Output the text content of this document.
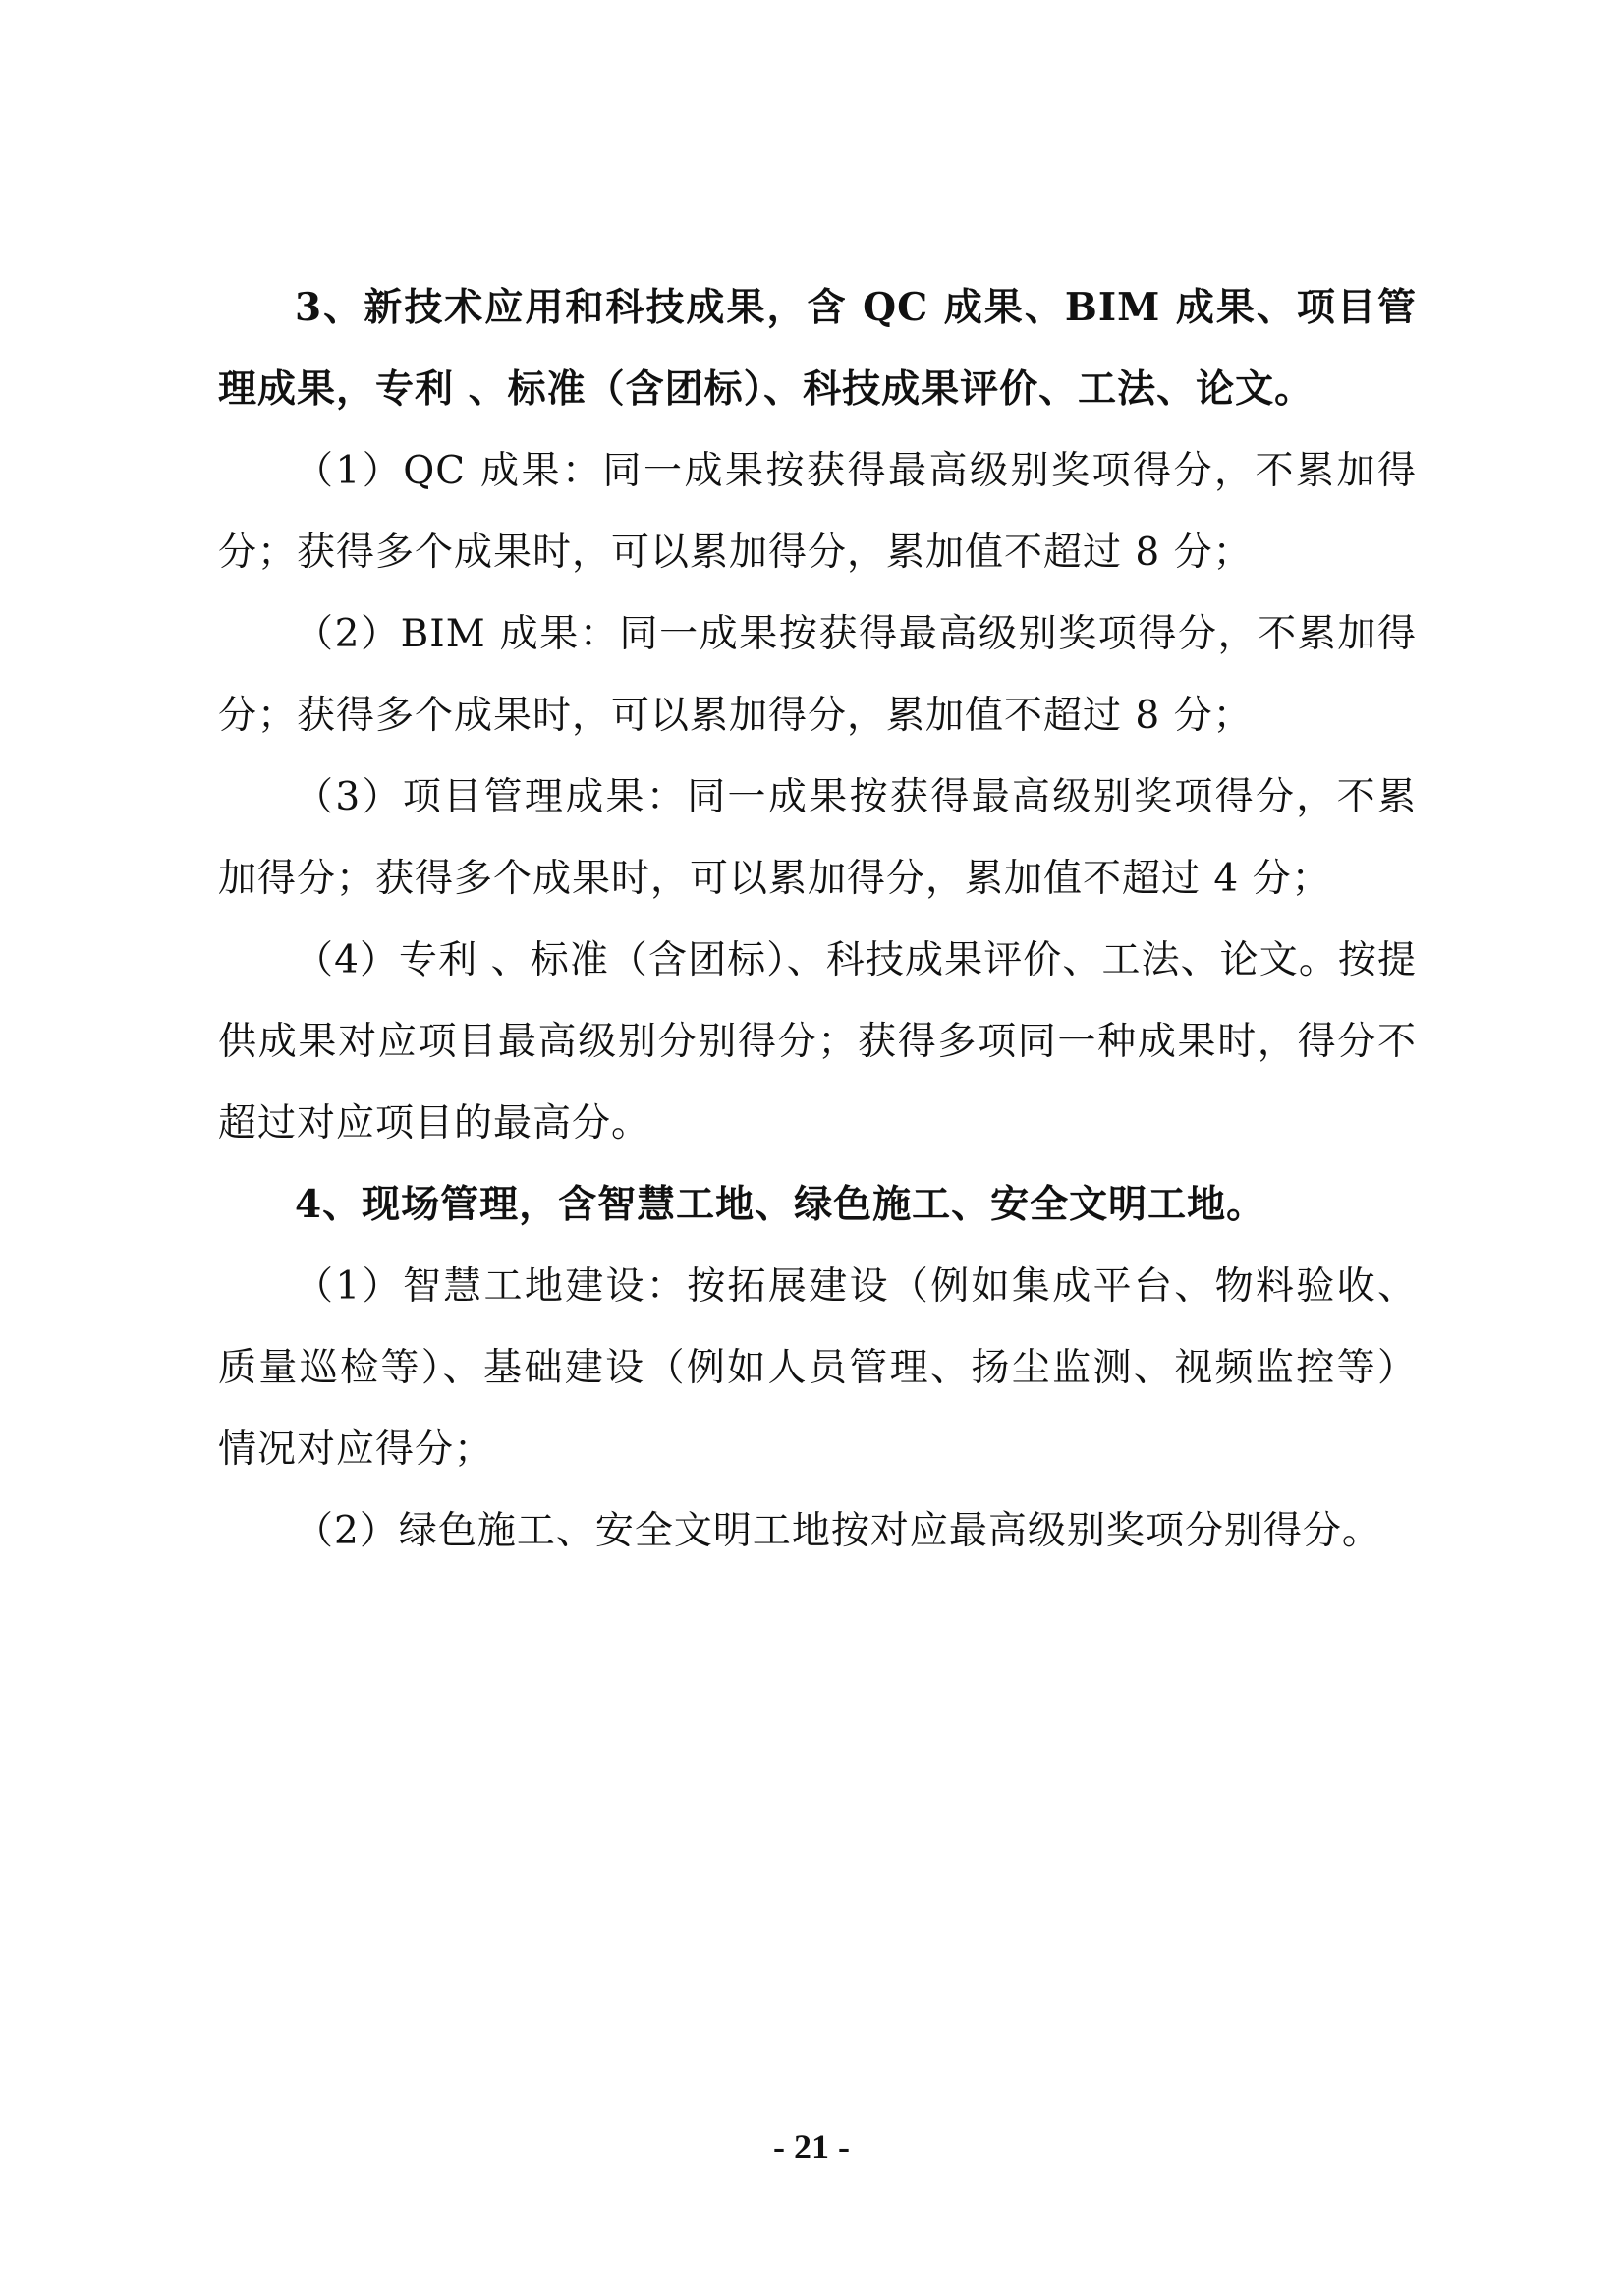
3、新技术应用和科技成果，含 QC 成果、BIM 成果、项目管理成果，专利 、标准（含团标）、科技成果评价、工法、论文。

（1）QC 成果：同一成果按获得最高级别奖项得分，不累加得分；获得多个成果时，可以累加得分，累加值不超过 8 分；

（2）BIM 成果：同一成果按获得最高级别奖项得分，不累加得分；获得多个成果时，可以累加得分，累加值不超过 8 分；

（3）项目管理成果：同一成果按获得最高级别奖项得分，不累加得分；获得多个成果时，可以累加得分，累加值不超过 4 分；

（4）专利 、标准（含团标）、科技成果评价、工法、论文。按提供成果对应项目最高级别分别得分；获得多项同一种成果时，得分不超过对应项目的最高分。

4、现场管理，含智慧工地、绿色施工、安全文明工地。

（1）智慧工地建设：按拓展建设（例如集成平台、物料验收、质量巡检等）、基础建设（例如人员管理、扬尘监测、视频监控等）情况对应得分；

（2）绿色施工、安全文明工地按对应最高级别奖项分别得分。

- 21 -
